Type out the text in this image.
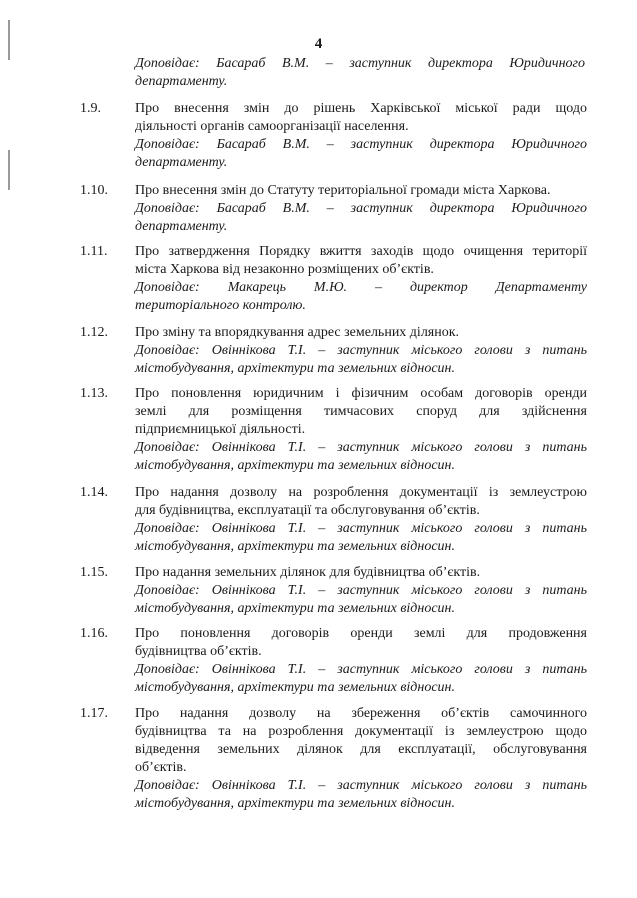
4
Доповідає: Басараб В.М. – заступник директора Юридичного
департаменту.
1.9.	Про внесення змін до рішень Харківської міської ради щодо
діяльності органів самоорганізації населення.
Доповідає: Басараб В.М. – заступник директора Юридичного
департаменту.
1.10.	Про внесення змін до Статуту територіальної громади міста Харкова.
Доповідає: Басараб В.М. – заступник директора Юридичного
департаменту.
1.11.	Про затвердження Порядку вжиття заходів щодо очищення території
міста Харкова від незаконно розміщених об’єктів.
Доповідає: Макарець М.Ю. – директор Департаменту
територіального контролю.
1.12.	Про зміну та впорядкування адрес земельних ділянок.
Доповідає: Овіннікова Т.І. – заступник міського голови з питань
містобудування, архітектури та земельних відносин.
1.13.	Про поновлення юридичним і фізичним особам договорів оренди
землі для розміщення тимчасових споруд для здійснення
підприємницької діяльності.
Доповідає: Овіннікова Т.І. – заступник міського голови з питань
містобудування, архітектури та земельних відносин.
1.14.	Про надання дозволу на розроблення документації із землеустрою
для будівництва, експлуатації та обслуговування об’єктів.
Доповідає: Овіннікова Т.І. – заступник міського голови з питань
містобудування, архітектури та земельних відносин.
1.15.	Про надання земельних ділянок для будівництва об’єктів.
Доповідає: Овіннікова Т.І. – заступник міського голови з питань
містобудування, архітектури та земельних відносин.
1.16.	Про поновлення договорів оренди землі для продовження
будівництва об’єктів.
Доповідає: Овіннікова Т.І. – заступник міського голови з питань
містобудування, архітектури та земельних відносин.
1.17.	Про надання дозволу на збереження об’єктів самочинного
будівництва та на розроблення документації із землеустрою щодо
відведення земельних ділянок для експлуатації, обслуговування
об’єктів.
Доповідає: Овіннікова Т.І. – заступник міського голови з питань
містобудування, архітектури та земельних відносин.
